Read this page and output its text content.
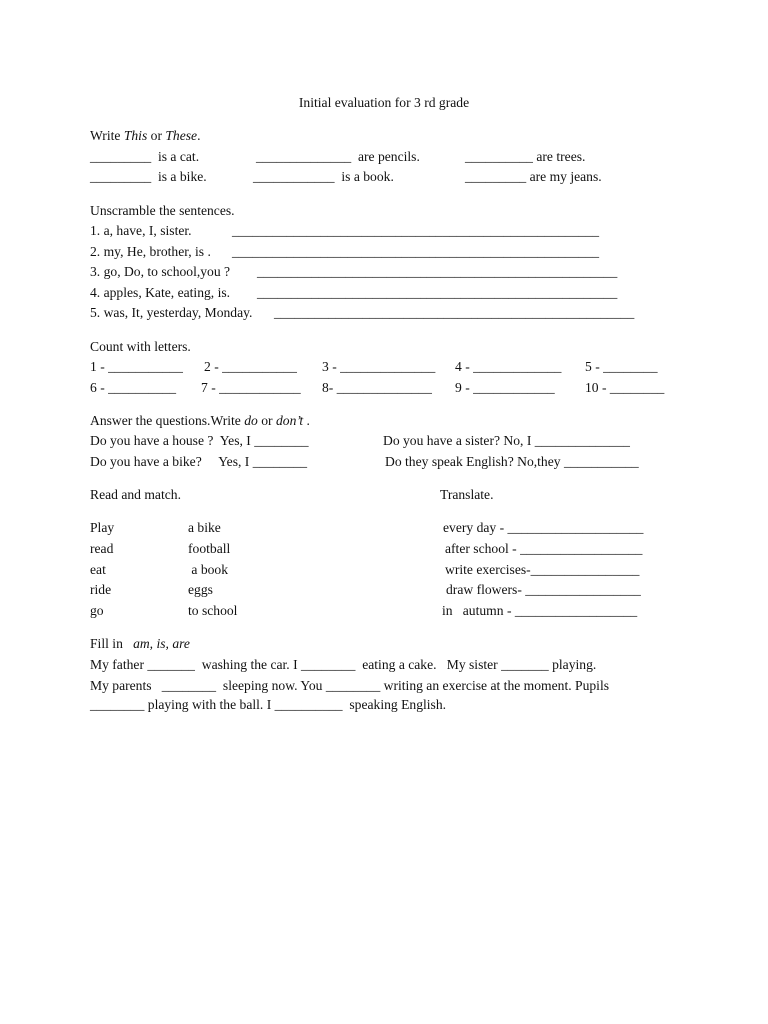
Initial evaluation for 3 rd grade
Write This or These.
_________  is a cat.	______________  are pencils.	__________ are trees.
_________  is a bike.	____________  is a book.	_________ are my jeans.
Unscramble the sentences.
1. a, have, I, sister.	______________________________________________________
2. my, He, brother, is . ______________________________________________________
3. go, Do, to school,you ? _____________________________________________________
4. apples, Kate, eating, is. _____________________________________________________
5. was, It, yesterday, Monday. _____________________________________________________
Count with letters.
1 - ___________ 2 - ___________ 3 - ______________ 4 - _____________ 5 - ________
6 - __________ 7 - ____________ 8- ______________ 9 - ____________ 10 - ________
Answer the questions.Write do or don’t .
Do you have a house ?  Yes, I ________	Do you have a sister? No, I ______________
Do you have a bike?     Yes, I ________	Do they speak English? No,they ___________
Read and match.
Play	a bike
read	football
eat	a book
ride	eggs
go	to school
Translate.
every day - ____________________
after school - __________________
write exercises-________________
draw flowers- _________________
in   autumn - __________________
Fill in   am, is, are
My father _______  washing the car. I ________  eating a cake.   My sister _______ playing.
My parents   ________  sleeping now. You ________ writing an exercise at the moment. Pupils
________ playing with the ball. I __________  speaking English.
